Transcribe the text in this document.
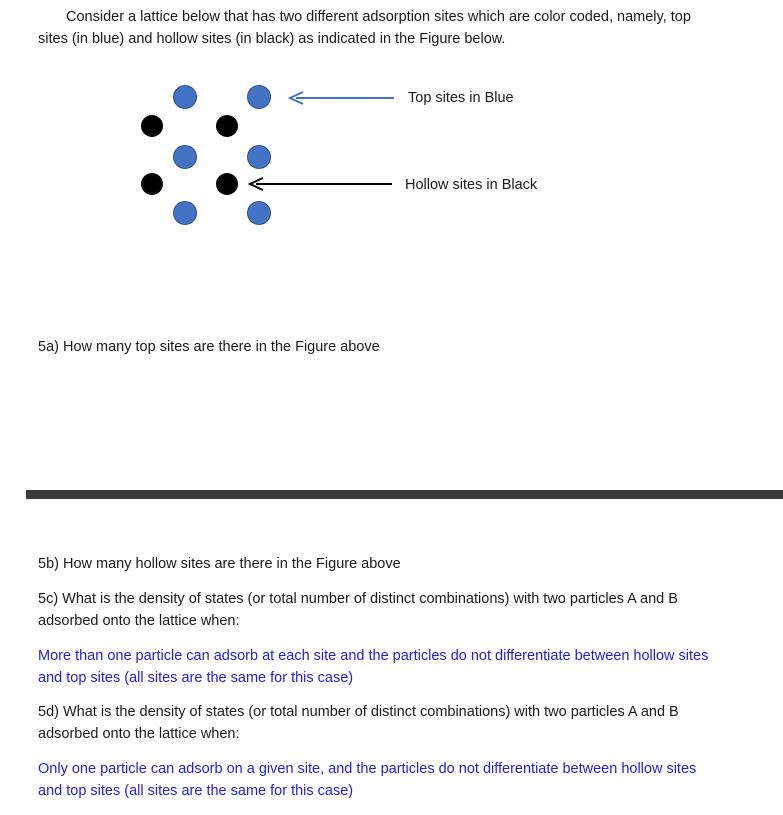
Consider a lattice below that has two different adsorption sites which are color coded, namely, top
sites (in blue) and hollow sites (in black) as indicated in the Figure below.
Top sites in Blue
Hollow sites in Black
5a) How many top sites are there in the Figure above
5b) How many hollow sites are there in the Figure above
5c) What is the density of states (or total number of distinct combinations) with two particles A and B
adsorbed onto the lattice when:
More than one particle can adsorb at each site and the particles do not differentiate between hollow sites
and top sites (all sites are the same for this case)
5d) What is the density of states (or total number of distinct combinations) with two particles A and B
adsorbed onto the lattice when:
Only one particle can adsorb on a given site, and the particles do not differentiate between hollow sites
and top sites (all sites are the same for this case)
